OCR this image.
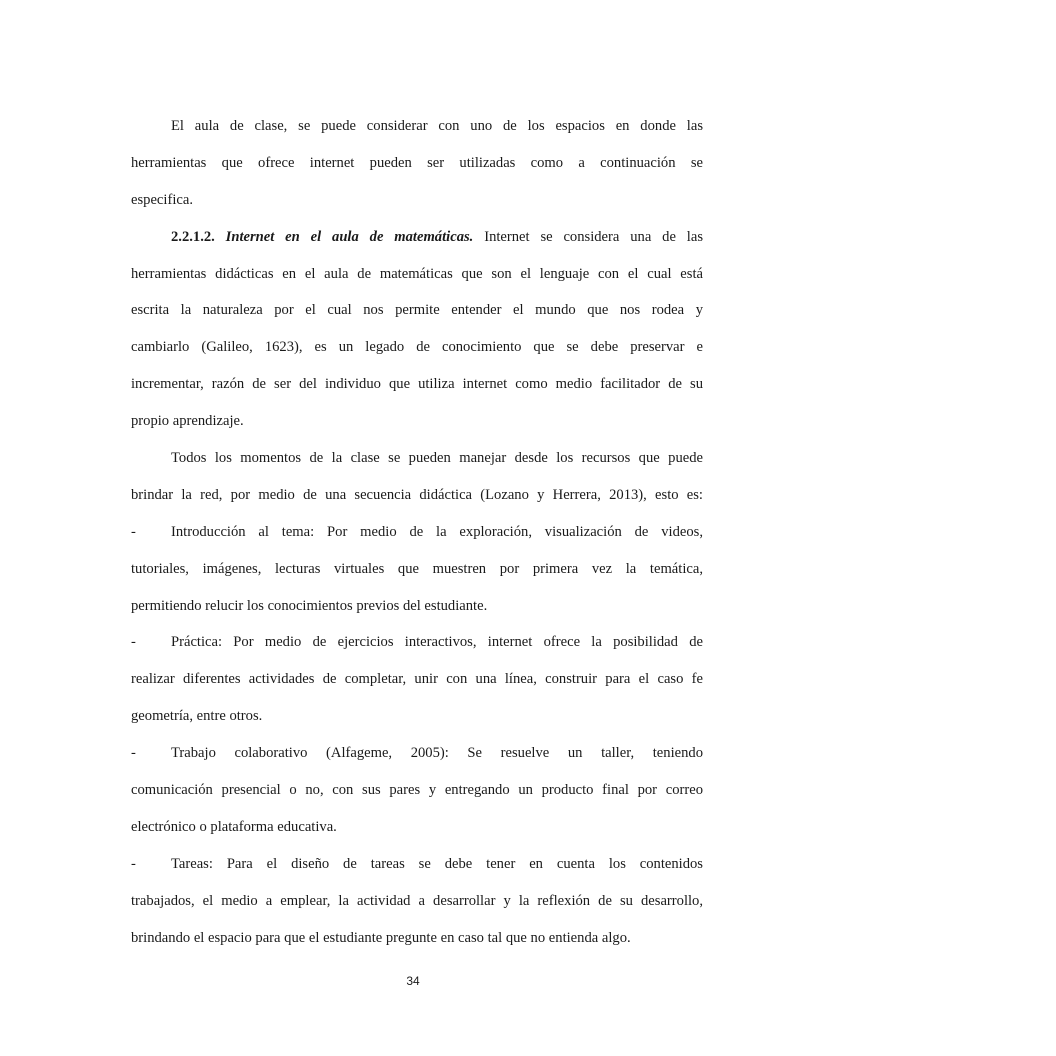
El aula de clase, se puede considerar con uno de los espacios en donde las
herramientas que ofrece internet pueden ser utilizadas como a continuación se
especifica.
2.2.1.2. Internet en el aula de matemáticas. Internet se considera una de las
herramientas didácticas en el aula de matemáticas que son el lenguaje con el cual está
escrita la naturaleza por el cual nos permite entender el mundo que nos rodea y
cambiarlo (Galileo, 1623), es un legado de conocimiento que se debe preservar e
incrementar, razón de ser del individuo que utiliza internet como medio facilitador de su
propio aprendizaje.
Todos los momentos de la clase se pueden manejar desde los recursos que puede
brindar la red, por medio de una secuencia didáctica (Lozano y Herrera, 2013), esto es:
-	Introducción al tema: Por medio de la exploración, visualización de videos,
tutoriales, imágenes, lecturas virtuales que muestren por primera vez la temática,
permitiendo relucir los conocimientos previos del estudiante.
-	Práctica: Por medio de ejercicios interactivos, internet ofrece la posibilidad de
realizar diferentes actividades de completar, unir con una línea, construir para el caso fe
geometría, entre otros.
-	Trabajo colaborativo (Alfageme, 2005): Se resuelve un taller, teniendo
comunicación presencial o no, con sus pares y entregando un producto final por correo
electrónico o plataforma educativa.
-	Tareas: Para el diseño de tareas se debe tener en cuenta los contenidos
trabajados, el medio a emplear, la actividad a desarrollar y la reflexión de su desarrollo,
brindando el espacio para que el estudiante pregunte en caso tal que no entienda algo.
34
